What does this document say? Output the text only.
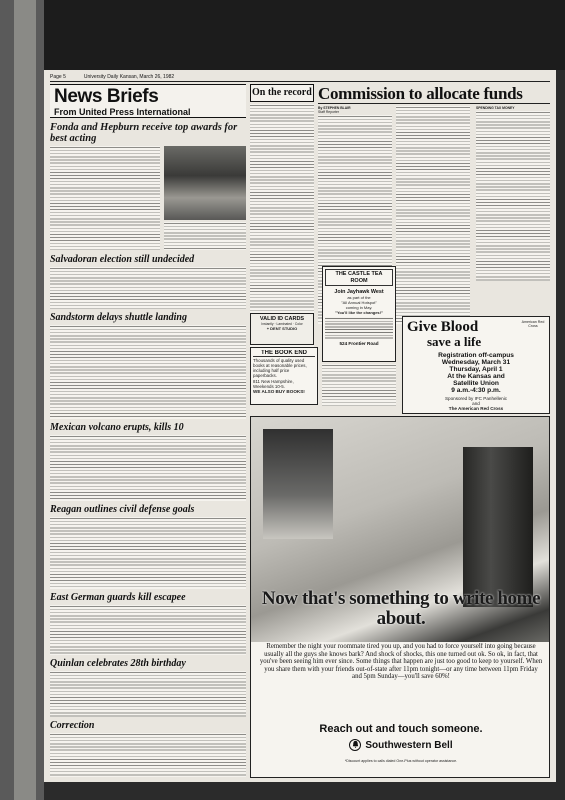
Page 5	University Daily Kansan, March 26, 1982
News Briefs
From United Press International
Fonda and Hepburn receive top awards for best acting
Salvadoran election still undecided
Sandstorm delays shuttle landing
Mexican volcano erupts, kills 10
Reagan outlines civil defense goals
East German guards kill escapee
Quinlan celebrates 28th birthday
Correction
On the record Commission to allocate funds
By STEPHEN BLAIR
Staff Reporter
SPENDING TAX MONEY
VALID ID CARDS
Instantly · Laminated · Color
+ DENT STUDIO
THE BOOK END
Thousands of quality used
books at reasonable prices,
including half price
paperbacks.
811 New Hampshire,
Weekends 10-5.
WE ALSO BUY BOOKS!
THE CASTLE TEA ROOM
Join Jayhawk West
as part of the
"All Annual Hotspot"
coming in May.
"You'll like the changes!"
524 Frontier Road
American Red Cross
Give Blood
save a life
Registration off-campus
Wednesday, March 31
Thursday, April 1
At the Kansas and
Satellite Union
9 a.m.-4:30 p.m.
Sponsored by IFC Panhellenic
and
The American Red Cross
Now that's something to write home about.
Remember the night your roommate tired you up, and you had to force yourself into going because usually all the guys she knows bark? And shock of shocks, this one turned out ok. So ok, in fact, that you've been seeing him ever since. Some things that happen are just too good to keep to yourself. When you share them with your friends out-of-state after 11pm tonight—or any time between 11pm Friday and 5pm Sunday—you'll save 60%!
Reach out and touch someone.
Southwestern Bell
*Discount applies to calls dialed One-Plus without operator assistance.
